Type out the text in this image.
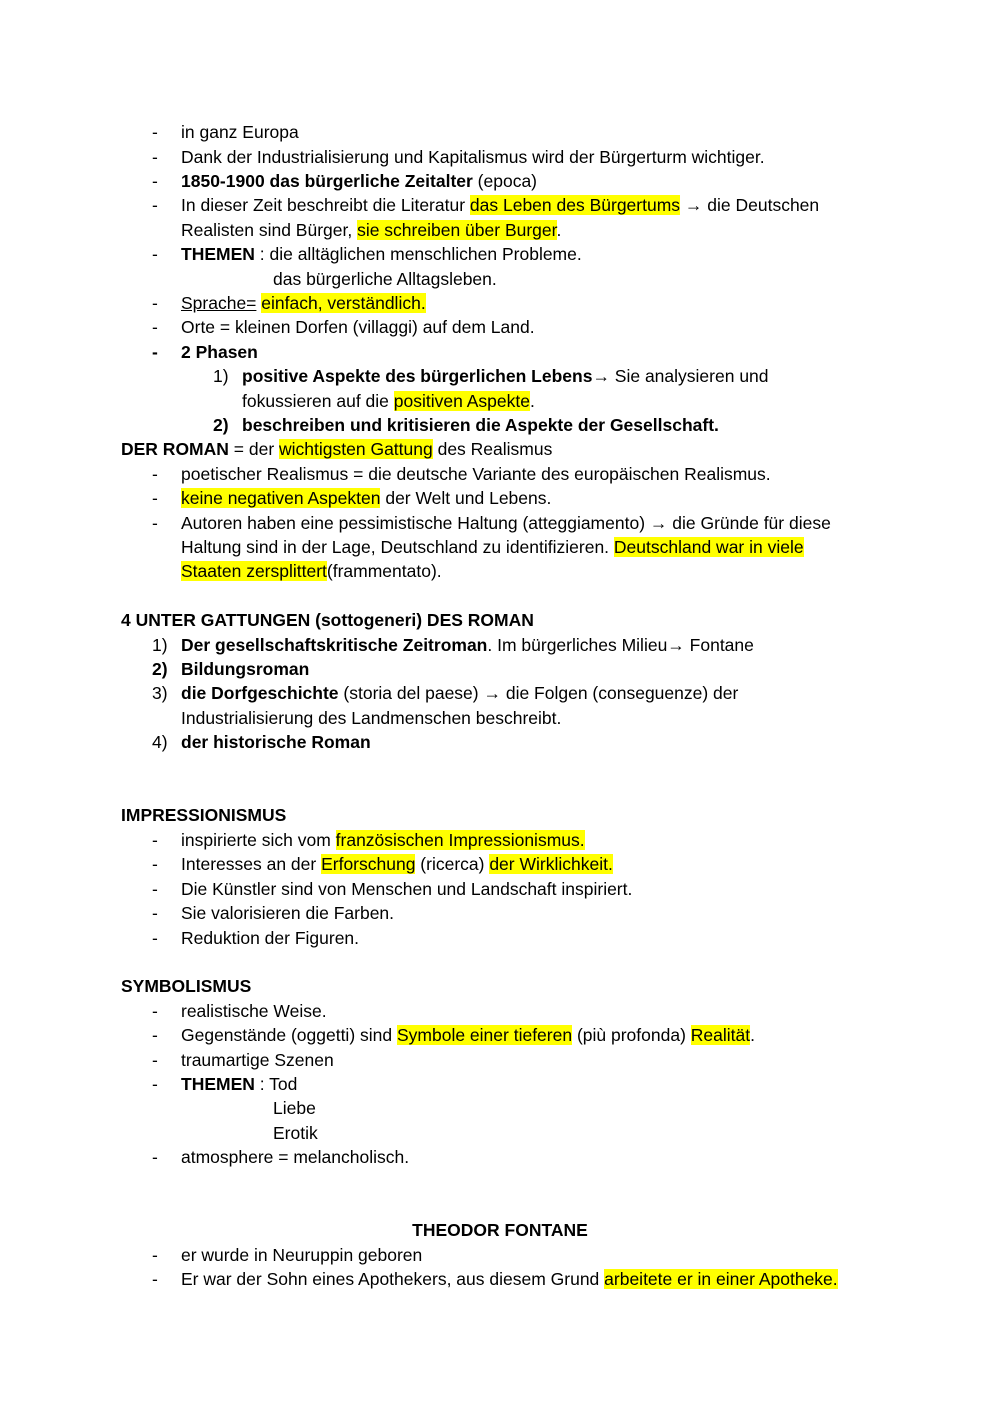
- in ganz Europa
- Dank der Industrialisierung und Kapitalismus wird der Bürgerturm wichtiger.
- 1850-1900 das bürgerliche Zeitalter (epoca)
- In dieser Zeit beschreibt die Literatur das Leben des Bürgertums → die Deutschen
Realisten sind Bürger, sie schreiben über Burger.
- THEMEN : die alltäglichen menschlichen Probleme.
das bürgerliche Alltagsleben.
- Sprache= einfach, verständlich.
- Orte = kleinen Dorfen (villaggi) auf dem Land.
- 2 Phasen
1) positive Aspekte des bürgerlichen Lebens→ Sie analysieren und
fokussieren auf die positiven Aspekte.
2) beschreiben und kritisieren die Aspekte der Gesellschaft.
DER ROMAN = der wichtigsten Gattung des Realismus
- poetischer Realismus = die deutsche Variante des europäischen Realismus.
- keine negativen Aspekten der Welt und Lebens.
- Autoren haben eine pessimistische Haltung (atteggiamento) → die Gründe für diese
Haltung sind in der Lage, Deutschland zu identifizieren. Deutschland war in viele
Staaten zersplittert(frammentato).
4 UNTER GATTUNGEN (sottogeneri) DES ROMAN
1) Der gesellschaftskritische Zeitroman. Im bürgerliches Milieu→ Fontane
2) Bildungsroman
3) die Dorfgeschichte (storia del paese) → die Folgen (conseguenze) der
Industrialisierung des Landmenschen beschreibt.
4) der historische Roman
IMPRESSIONISMUS
- inspirierte sich vom französischen Impressionismus.
- Interesses an der Erforschung (ricerca) der Wirklichkeit.
- Die Künstler sind von Menschen und Landschaft inspiriert.
- Sie valorisieren die Farben.
- Reduktion der Figuren.
SYMBOLISMUS
- realistische Weise.
- Gegenstände (oggetti) sind Symbole einer tieferen (più profonda) Realität.
- traumartige Szenen
- THEMEN : Tod
Liebe
Erotik
- atmosphere = melancholisch.
THEODOR FONTANE
- er wurde in Neuruppin geboren
- Er war der Sohn eines Apothekers, aus diesem Grund arbeitete er in einer Apotheke.
